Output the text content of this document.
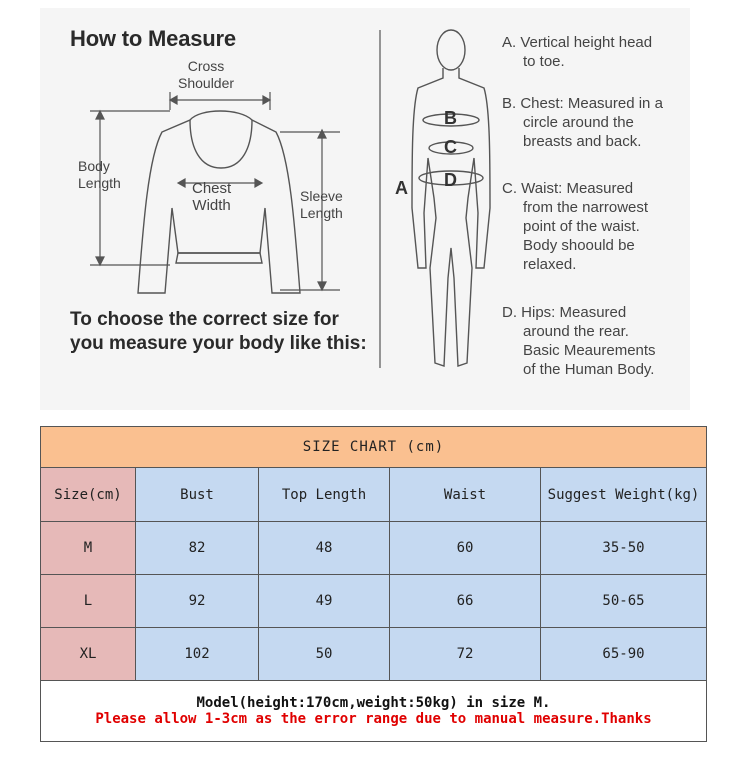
How to Measure
Cross
Shoulder
Body
Length	Chest
Width
Sleeve
Length
To choose the correct size for
you measure your body like this:
A
B
C
D
A. Vertical height head
to toe.
B. Chest: Measured in a
circle around the
breasts and back.
C. Waist: Measured
from the narrowest
point of the waist.
Body shoould be
relaxed.
D. Hips: Measured
around the rear.
Basic Meaurements
of the Human Body.
SIZE CHART (cm)				
Size(cm)	Bust	Top Length	Waist	Suggest Weight(kg)
M	82	48	60	35-50
L	92	49	66	50-65
XL	102	50	72	65-90

Model(height:170cm,weight:50kg) in size M.
Please allow 1-3cm as the error range due to manual measure.Thanks				
